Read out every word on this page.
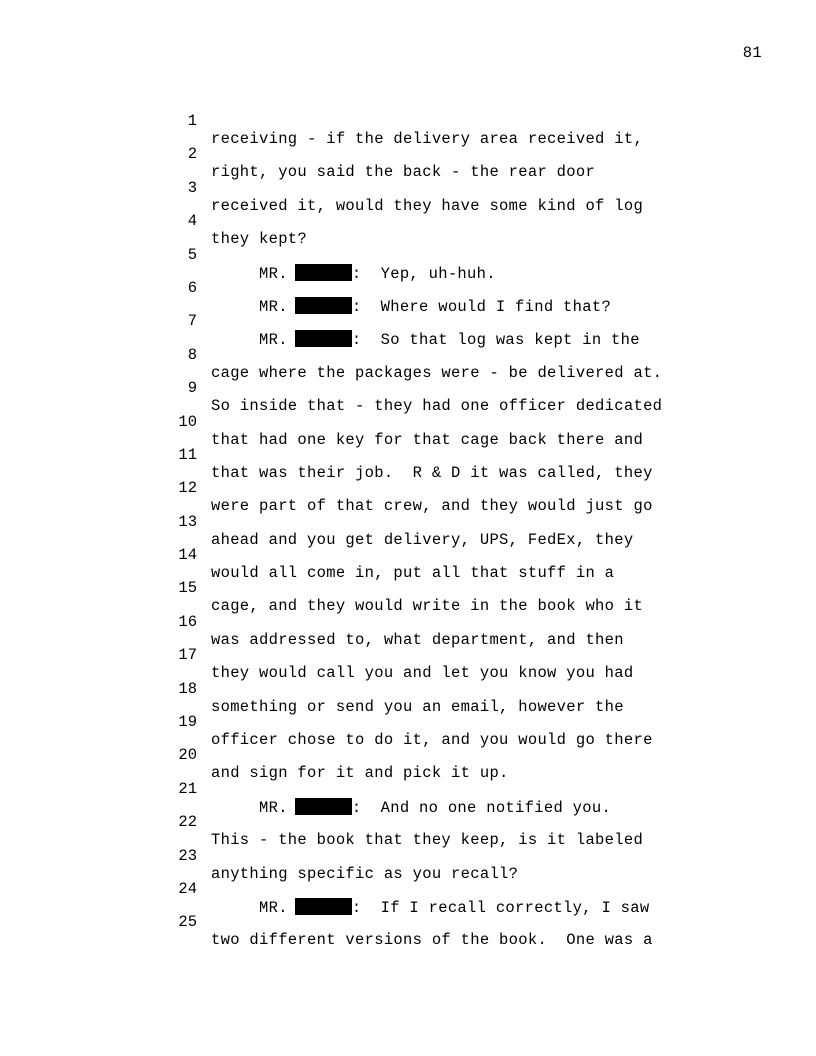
81

1

receiving - if the delivery area received it,

2

right, you said the back - the rear door

3

received it, would they have some kind of log

4

they kept?

5

MR.	:  Yep, uh-huh.

6

MR.	:  Where would I find that?

7

MR.	:  So that log was kept in the

8

cage where the packages were - be delivered at.

9

So inside that - they had one officer dedicated

10

that had one key for that cage back there and

11

that was their job.  R & D it was called, they

12

were part of that crew, and they would just go

13

ahead and you get delivery, UPS, FedEx, they

14

would all come in, put all that stuff in a

15

cage, and they would write in the book who it

16

was addressed to, what department, and then

17

they would call you and let you know you had

18

something or send you an email, however the

19

officer chose to do it, and you would go there

20

and sign for it and pick it up.

21

MR.	:  And no one notified you.

22

This - the book that they keep, is it labeled

23

anything specific as you recall?

24

MR.	:  If I recall correctly, I saw

25

two different versions of the book.  One was a
